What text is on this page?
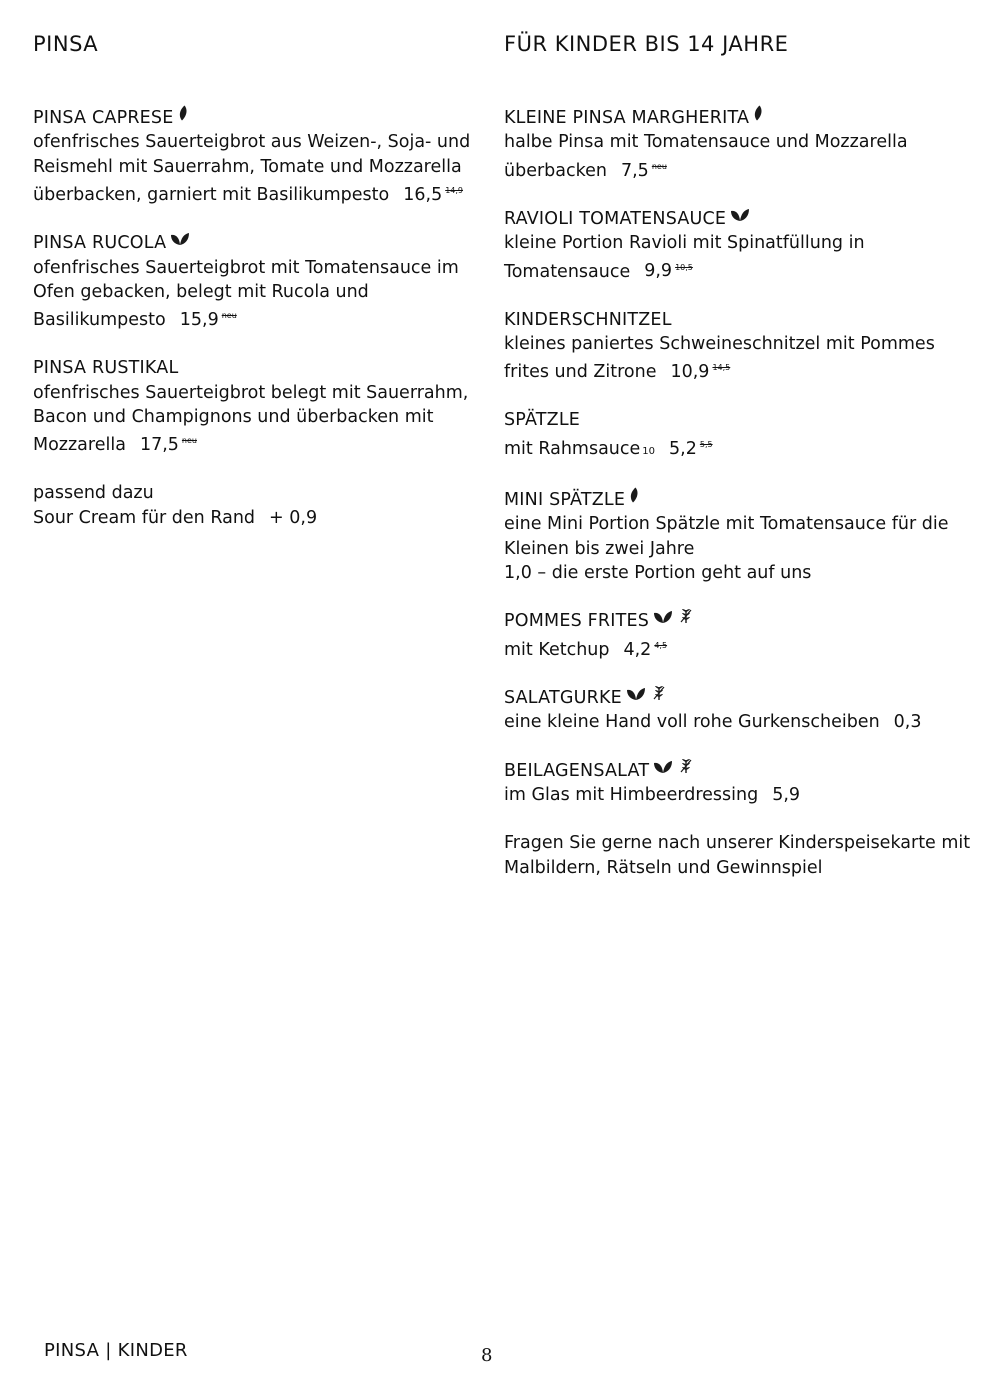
PINSA
PINSA CAPRESE
ofenfrisches Sauerteigbrot aus Weizen-, Soja- und Reismehl mit Sauerrahm, Tomate und Mozzarella überbacken, garniert mit Basilikumpesto 16,5 $^{14,9}$
PINSA RUCOLA
ofenfrisches Sauerteigbrot mit Tomatensauce im Ofen gebacken, belegt mit Rucola und Basilikumpesto 15,9 $^{neu}$
PINSA RUSTIKAL
ofenfrisches Sauerteigbrot belegt mit Sauerrahm, Bacon und Champignons und überbacken mit Mozzarella 17,5 $^{neu}$
passend dazu
Sour Cream für den Rand + 0,9
FÜR KINDER BIS 14 JAHRE
KLEINE PINSA MARGHERITA
halbe Pinsa mit Tomatensauce und Mozzarella überbacken 7,5 $^{neu}$
RAVIOLI TOMATENSAUCE
kleine Portion Ravioli mit Spinatfüllung in Tomatensauce 9,9 $^{10,5}$
KINDERSCHNITZEL
kleines paniertes Schweineschnitzel mit Pommes frites und Zitrone 10,9 $^{14,5}$
SPÄTZLE
mit Rahmsauce 10 5,2 $^{5,5}$
MINI SPÄTZLE
eine Mini Portion Spätzle mit Tomatensauce für die Kleinen bis zwei Jahre
1,0 – die erste Portion geht auf uns
POMMES FRITES
mit Ketchup 4,2 $^{4,5}$
SALATGURKE
eine kleine Hand voll rohe Gurkenscheiben 0,3
BEILAGENSALAT
im Glas mit Himbeerdressing 5,9
Fragen Sie gerne nach unserer Kinderspeisekarte mit Malbildern, Rätseln und Gewinnspiel
PINSA | KINDER	8
